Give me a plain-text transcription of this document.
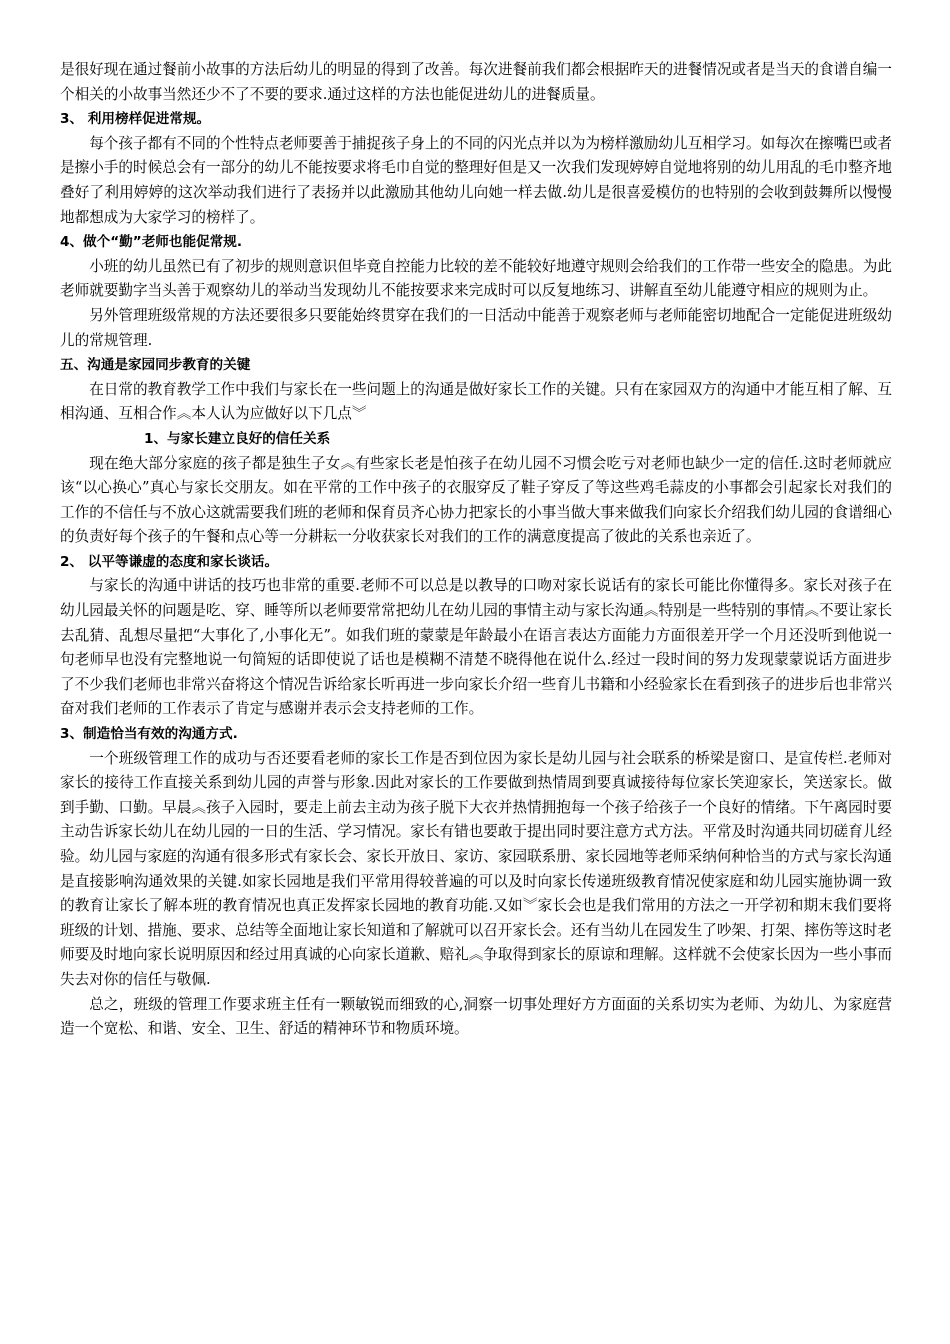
是很好现在通过餐前小故事的方法后幼儿的明显的得到了改善。每次进餐前我们都会根据昨天的进餐情况或者是当天的食谱自编一个相关的小故事当然还少不了不要的要求.通过这样的方法也能促进幼儿的进餐质量。

3、 利用榜样促进常规。

每个孩子都有不同的个性特点老师要善于捕捉孩子身上的不同的闪光点并以为为榜样激励幼儿互相学习。如每次在擦嘴巴或者是擦小手的时候总会有一部分的幼儿不能按要求将毛巾自觉的整理好但是又一次我们发现婷婷自觉地将别的幼儿用乱的毛巾整齐地叠好了利用婷婷的这次举动我们进行了表扬并以此激励其他幼儿向她一样去做.幼儿是很喜爱模仿的也特别的会收到鼓舞所以慢慢地都想成为大家学习的榜样了。

4、做个“勤”老师也能促常规.

小班的幼儿虽然已有了初步的规则意识但毕竟自控能力比较的差不能较好地遵守规则会给我们的工作带一些安全的隐患。为此老师就要勤字当头善于观察幼儿的举动当发现幼儿不能按要求来完成时可以反复地练习、讲解直至幼儿能遵守相应的规则为止。

另外管理班级常规的方法还要很多只要能始终贯穿在我们的一日活动中能善于观察老师与老师能密切地配合一定能促进班级幼儿的常规管理.

五、沟通是家园同步教育的关键

在日常的教育教学工作中我们与家长在一些问题上的沟通是做好家长工作的关键。只有在家园双方的沟通中才能互相了解、互相沟通、互相合作︽本人认为应做好以下几点︾

1、与家长建立良好的信任关系

现在绝大部分家庭的孩子都是独生子女︽有些家长老是怕孩子在幼儿园不习惯会吃亏对老师也缺少一定的信任.这时老师就应该“以心换心”真心与家长交朋友。如在平常的工作中孩子的衣服穿反了鞋子穿反了等这些鸡毛蒜皮的小事都会引起家长对我们的工作的不信任与不放心这就需要我们班的老师和保育员齐心协力把家长的小事当做大事来做我们向家长介绍我们幼儿园的食谱细心的负责好每个孩子的午餐和点心等一分耕耘一分收获家长对我们的工作的满意度提高了彼此的关系也亲近了。

2、 以平等谦虚的态度和家长谈话。

与家长的沟通中讲话的技巧也非常的重要.老师不可以总是以教导的口吻对家长说话有的家长可能比你懂得多。家长对孩子在幼儿园最关怀的问题是吃、穿、睡等所以老师要常常把幼儿在幼儿园的事情主动与家长沟通︽特别是一些特别的事情︽不要让家长去乱猜、乱想尽量把“大事化了,小事化无”。如我们班的蒙蒙是年龄最小在语言表达方面能力方面很差开学一个月还没听到他说一句老师早也没有完整地说一句简短的话即使说了话也是模糊不清楚不晓得他在说什么.经过一段时间的努力发现蒙蒙说话方面进步了不少我们老师也非常兴奋将这个情况告诉给家长听再进一步向家长介绍一些育儿书籍和小经验家长在看到孩子的进步后也非常兴奋对我们老师的工作表示了肯定与感谢并表示会支持老师的工作。

3、制造恰当有效的沟通方式.

一个班级管理工作的成功与否还要看老师的家长工作是否到位因为家长是幼儿园与社会联系的桥梁是窗口、是宣传栏.老师对家长的接待工作直接关系到幼儿园的声誉与形象.因此对家长的工作要做到热情周到要真诚接待每位家长笑迎家长，笑送家长。做到手勤、口勤。早晨︽孩子入园时，要走上前去主动为孩子脱下大衣并热情拥抱每一个孩子给孩子一个良好的情绪。下午离园时要主动告诉家长幼儿在幼儿园的一日的生活、学习情况。家长有错也要敢于提出同时要注意方式方法。平常及时沟通共同切磋育儿经验。幼儿园与家庭的沟通有很多形式有家长会、家长开放日、家访、家园联系册、家长园地等老师采纳何种恰当的方式与家长沟通是直接影响沟通效果的关键.如家长园地是我们平常用得较普遍的可以及时向家长传递班级教育情况使家庭和幼儿园实施协调一致的教育让家长了解本班的教育情况也真正发挥家长园地的教育功能.又如︾家长会也是我们常用的方法之一开学初和期末我们要将班级的计划、措施、要求、总结等全面地让家长知道和了解就可以召开家长会。还有当幼儿在园发生了吵架、打架、摔伤等这时老师要及时地向家长说明原因和经过用真诚的心向家长道歉、赔礼︽争取得到家长的原谅和理解。这样就不会使家长因为一些小事而失去对你的信任与敬佩.

总之，班级的管理工作要求班主任有一颗敏锐而细致的心,洞察一切事处理好方方面面的关系切实为老师、为幼儿、为家庭营造一个宽松、和谐、安全、卫生、舒适的精神环节和物质环境。
